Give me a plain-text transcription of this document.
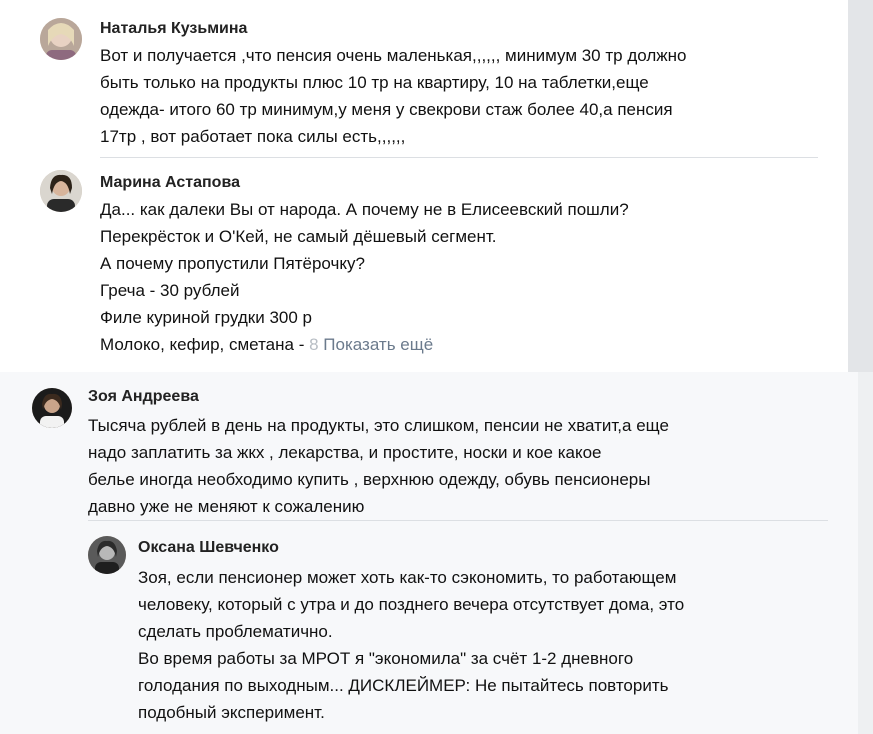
Наталья Кузьмина
Вот и получается ,что пенсия очень маленькая,,,,,, минимум 30 тр должно
быть только на продукты плюс 10 тр на квартиру, 10 на таблетки,еще
одежда- итого 60 тр минимум,у меня у свекрови стаж более 40,а пенсия
17тр , вот работает пока силы есть,,,,,,
Марина Астапова
Да... как далеки Вы от народа. А почему не в Елисеевский пошли?
Перекрёсток и О'Кей, не самый дёшевый сегмент.
А почему пропустили Пятёрочку?
Греча - 30 рублей
Филе куриной грудки 300 р
Молоко, кефир, сметана - 8 Показать ещё
Зоя Андреева
Тысяча рублей в день на продукты, это слишком, пенсии не хватит,а еще
надо заплатить за жкх , лекарства, и простите, носки и кое какое
белье иногда необходимо купить , верхнюю одежду, обувь пенсионеры
давно уже не меняют к сожалению
Оксана Шевченко
Зоя, если пенсионер может хоть как-то сэкономить, то работающем
человеку, который с утра и до позднего вечера отсутствует дома, это
сделать проблематично.
Во время работы за МРОТ я "экономила" за счёт 1-2 дневного
голодания по выходным... ДИСКЛЕЙМЕР: Не пытайтесь повторить
подобный эксперимент.
